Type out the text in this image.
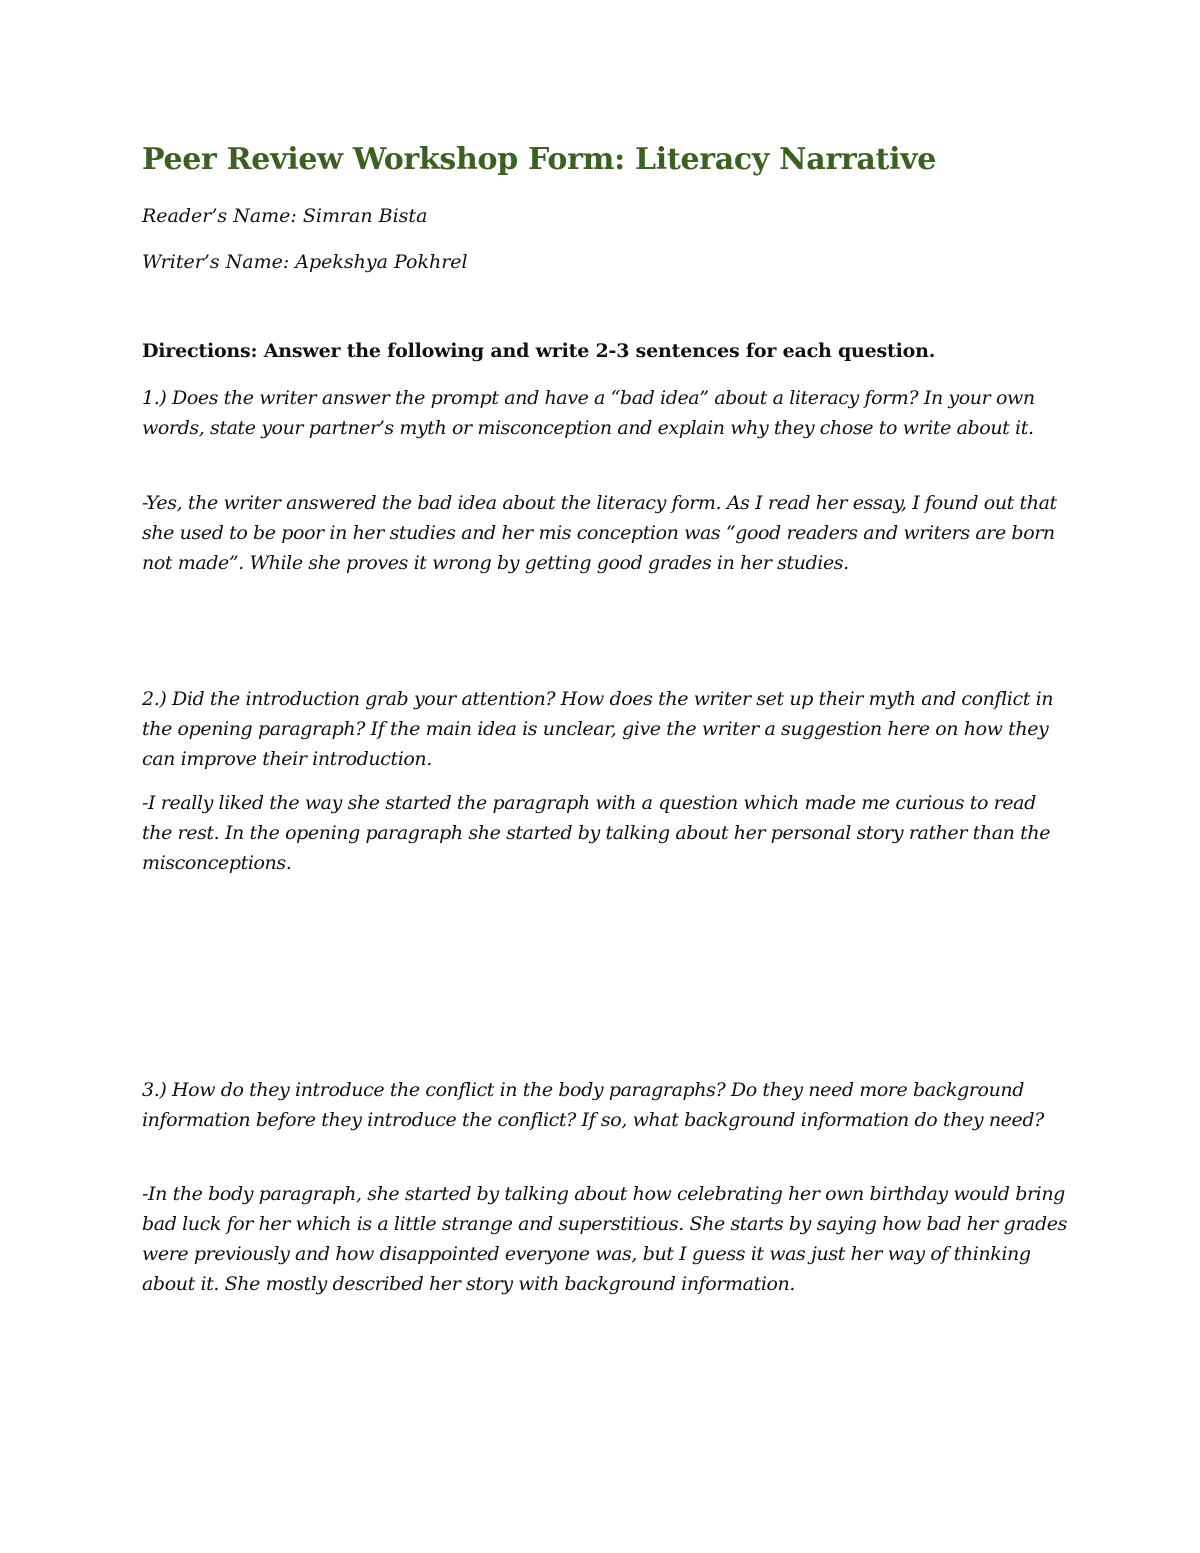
Peer Review Workshop Form: Literacy Narrative
Reader’s Name: Simran Bista
Writer’s Name: Apekshya Pokhrel
Directions: Answer the following and write 2-3 sentences for each question.
1.) Does the writer answer the prompt and have a “bad idea” about a literacy form? In your own words, state your partner’s myth or misconception and explain why they chose to write about it.
-Yes, the writer answered the bad idea about the literacy form. As I read her essay, I found out that she used to be poor in her studies and her mis conception was “good readers and writers are born not made”. While she proves it wrong by getting good grades in her studies.
2.) Did the introduction grab your attention? How does the writer set up their myth and conflict in the opening paragraph? If the main idea is unclear, give the writer a suggestion here on how they can improve their introduction.
-I really liked the way she started the paragraph with a question which made me curious to read the rest. In the opening paragraph she started by talking about her personal story rather than the misconceptions.
3.) How do they introduce the conflict in the body paragraphs? Do they need more background information before they introduce the conflict? If so, what background information do they need?
-In the body paragraph, she started by talking about how celebrating her own birthday would bring bad luck for her which is a little strange and superstitious. She starts by saying how bad her grades were previously and how disappointed everyone was, but I guess it was just her way of thinking about it. She mostly described her story with background information.
